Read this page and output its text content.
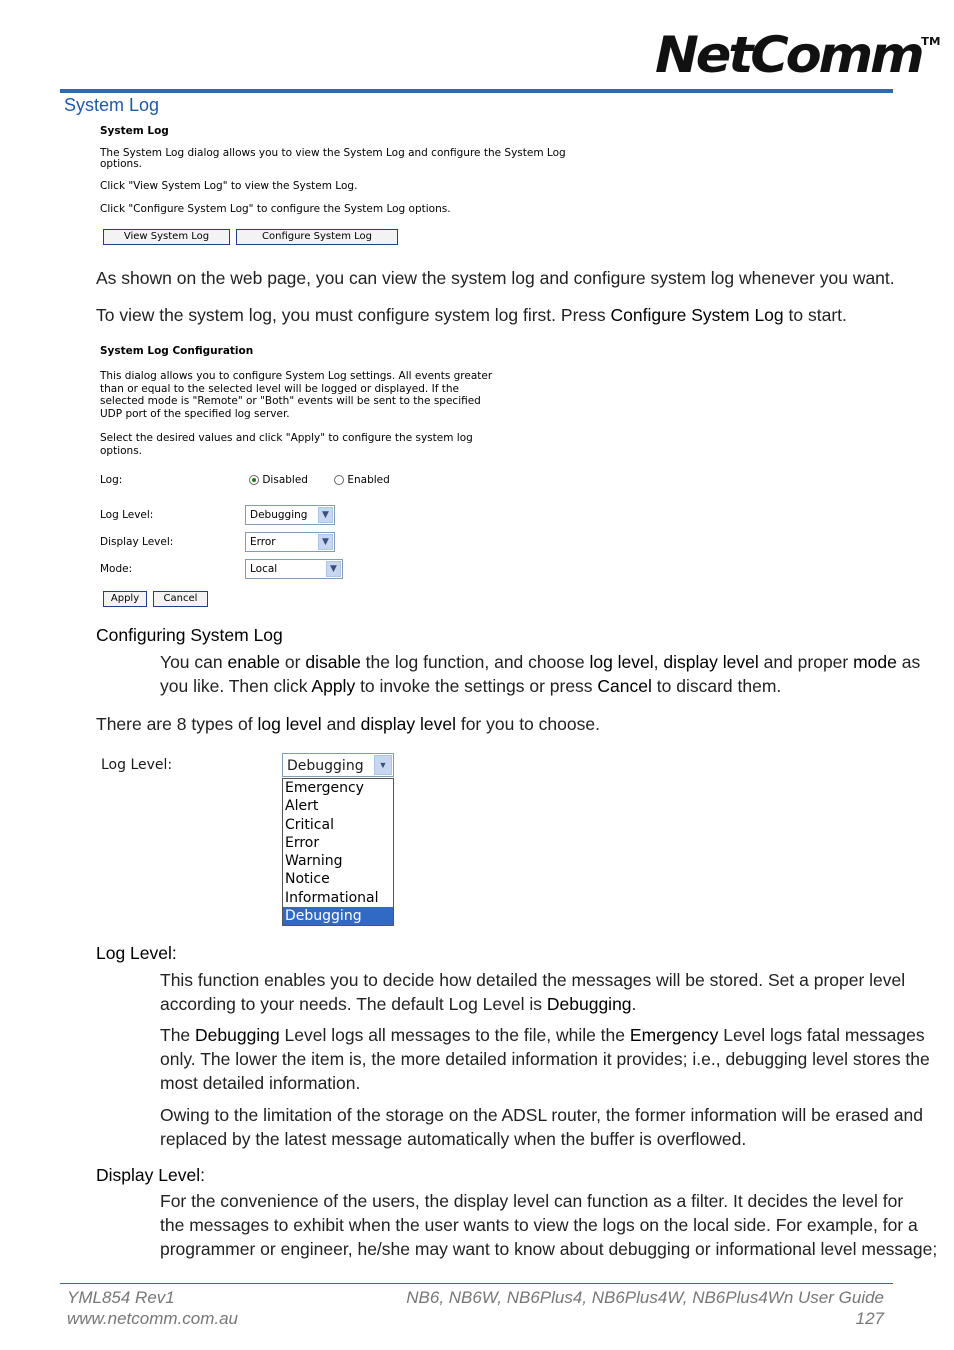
NetComm TM
System Log
System Log
The System Log dialog allows you to view the System Log and configure the System Log
options.
Click "View System Log" to view the System Log.
Click "Configure System Log" to configure the System Log options.
View System Log	Configure System Log
As shown on the web page, you can view the system log and configure system log whenever you want.
To view the system log, you must configure system log first. Press Configure System Log to start.
System Log Configuration
This dialog allows you to configure System Log settings. All events greater
than or equal to the selected level will be logged or displayed. If the
selected mode is "Remote" or "Both" events will be sent to the specified
UDP port of the specified log server.
Select the desired values and click "Apply" to configure the system log
options.
Log:	Disabled	Enabled
Log Level:	Debugging	▼
Display Level:	Error	▼
Mode:	Local	▼
Apply	Cancel
Configuring System Log
You can enable or disable the log function, and choose log level, display level and proper mode as
you like. Then click Apply to invoke the settings or press Cancel to discard them.
There are 8 types of log level and display level for you to choose.
Log Level:	Debugging	▼
Emergency
Alert
Critical
Error
Warning
Notice
Informational
Debugging
Log Level:
This function enables you to decide how detailed the messages will be stored. Set a proper level
according to your needs. The default Log Level is Debugging.
The Debugging Level logs all messages to the file, while the Emergency Level logs fatal messages
only. The lower the item is, the more detailed information it provides; i.e., debugging level stores the
most detailed information.
Owing to the limitation of the storage on the ADSL router, the former information will be erased and
replaced by the latest message automatically when the buffer is overflowed.
Display Level:
For the convenience of the users, the display level can function as a filter. It decides the level for
the messages to exhibit when the user wants to view the logs on the local side. For example, for a
programmer or engineer, he/she may want to know about debugging or informational level message;
YML854 Rev1
www.netcomm.com.au
NB6, NB6W, NB6Plus4, NB6Plus4W, NB6Plus4Wn User Guide
127
